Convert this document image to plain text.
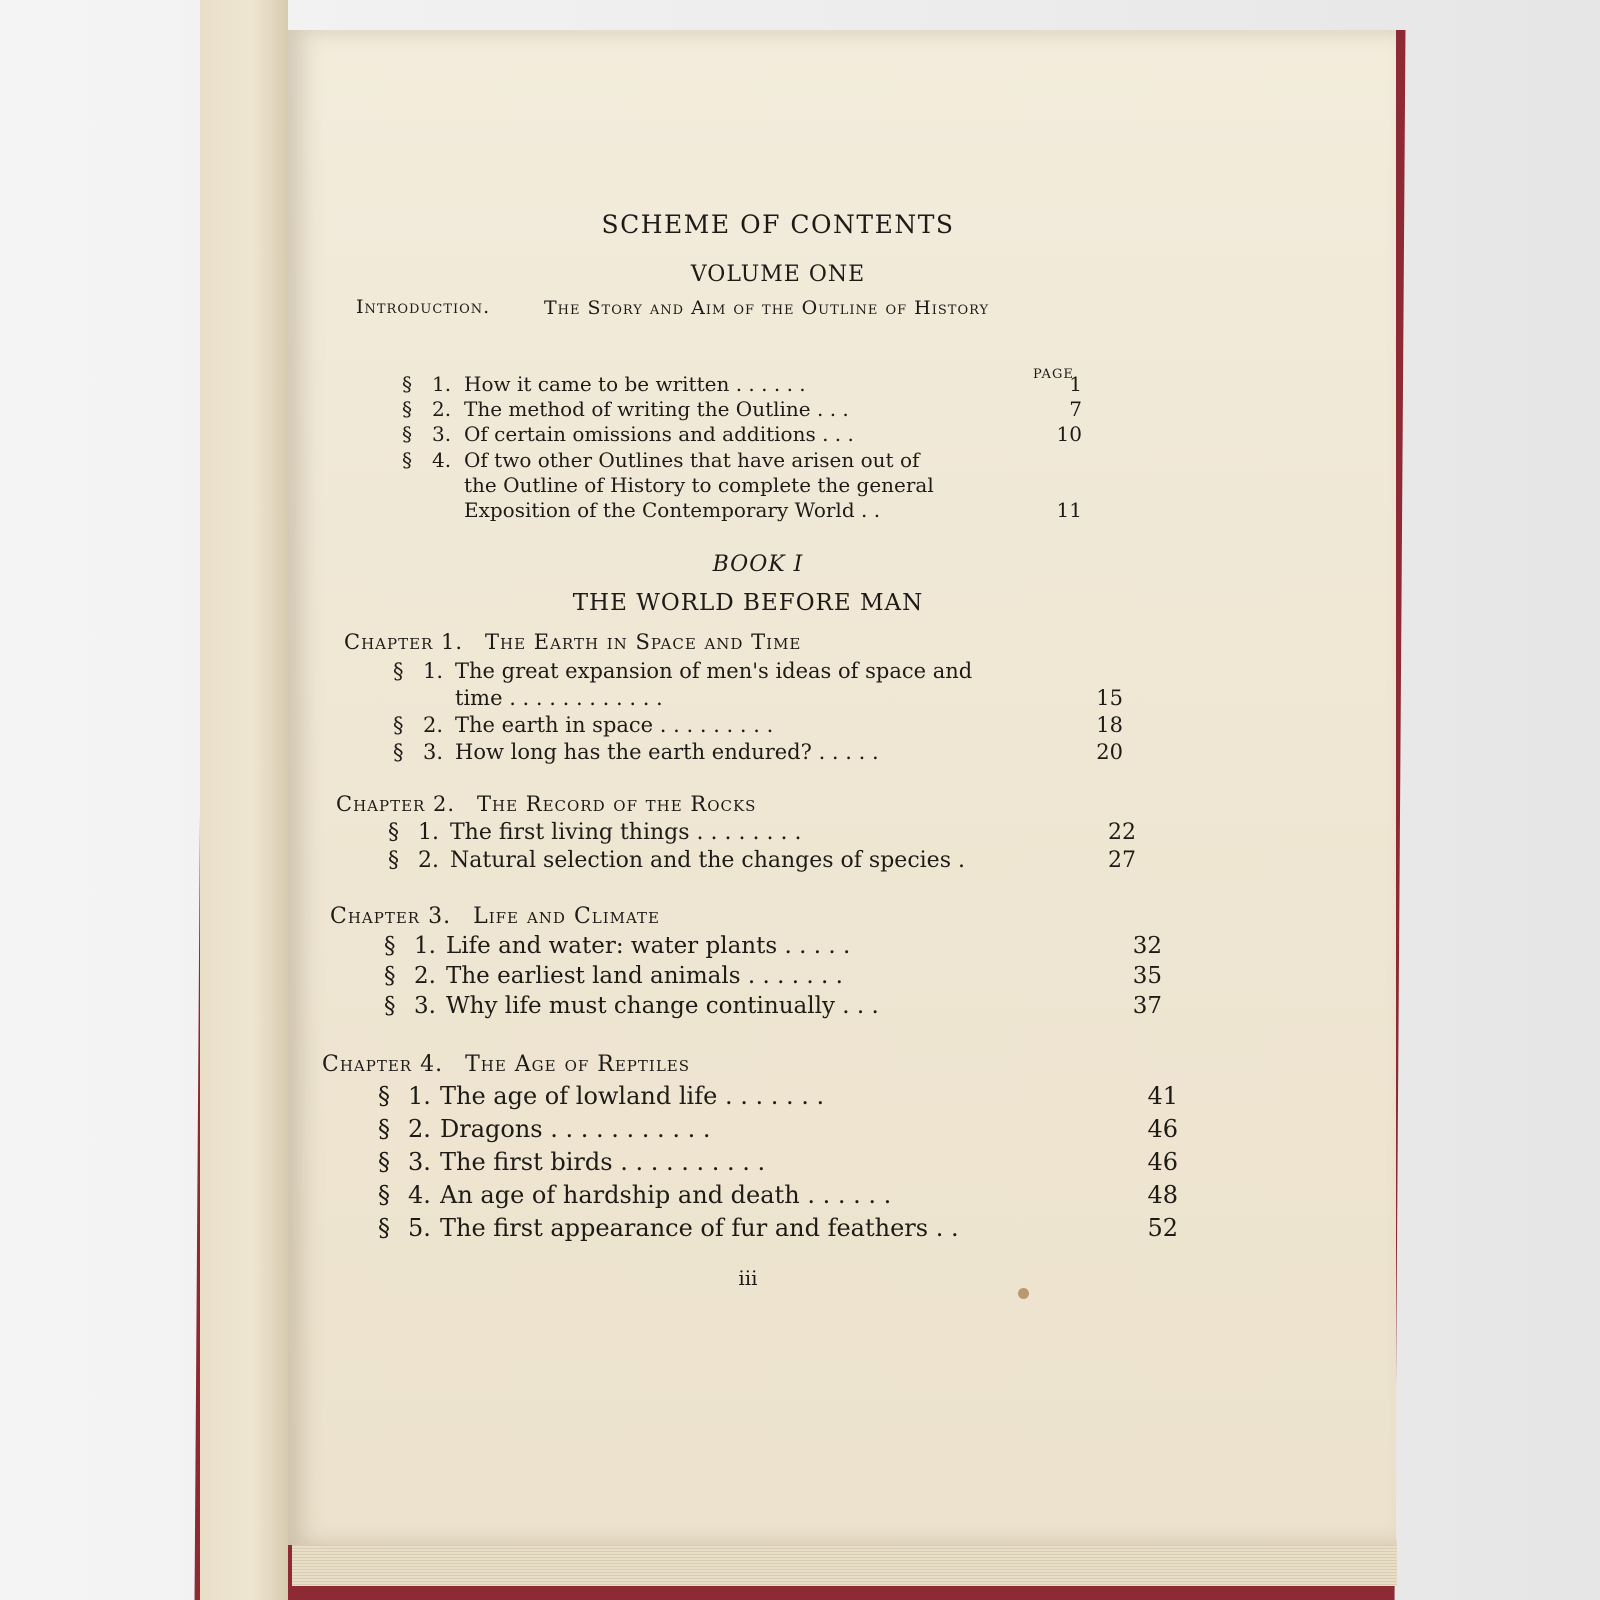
SCHEME OF CONTENTS
VOLUME ONE
Introduction.	The Story and Aim of the Outline of History
PAGE
§	1. How it came to be written . . . . . .	1
§	2. The method of writing the Outline . . .	7
§	3. Of certain omissions and additions . . .	10
§	4. Of two other Outlines that have arisen out of
the Outline of History to complete the general
Exposition of the Contemporary World . .	11
BOOK I
THE WORLD BEFORE MAN
Chapter 1. The Earth in Space and Time
§ 1. The great expansion of men's ideas of space and
time . . . . . . . . . . . .	15
§ 2. The earth in space . . . . . . . . .	18
§ 3. How long has the earth endured? . . . . .	20
Chapter 2. The Record of the Rocks
§ 1. The first living things . . . . . . . .	22
§ 2. Natural selection and the changes of species .	27
Chapter 3. Life and Climate
§ 1. Life and water: water plants . . . . .	32
§ 2. The earliest land animals . . . . . . .	35
§ 3. Why life must change continually . . .	37
Chapter 4. The Age of Reptiles
§ 1. The age of lowland life . . . . . . .	41
§ 2. Dragons . . . . . . . . . . .	46
§ 3. The first birds . . . . . . . . . .	46
§ 4. An age of hardship and death . . . . . .	48
§ 5. The first appearance of fur and feathers . .	52
iii
